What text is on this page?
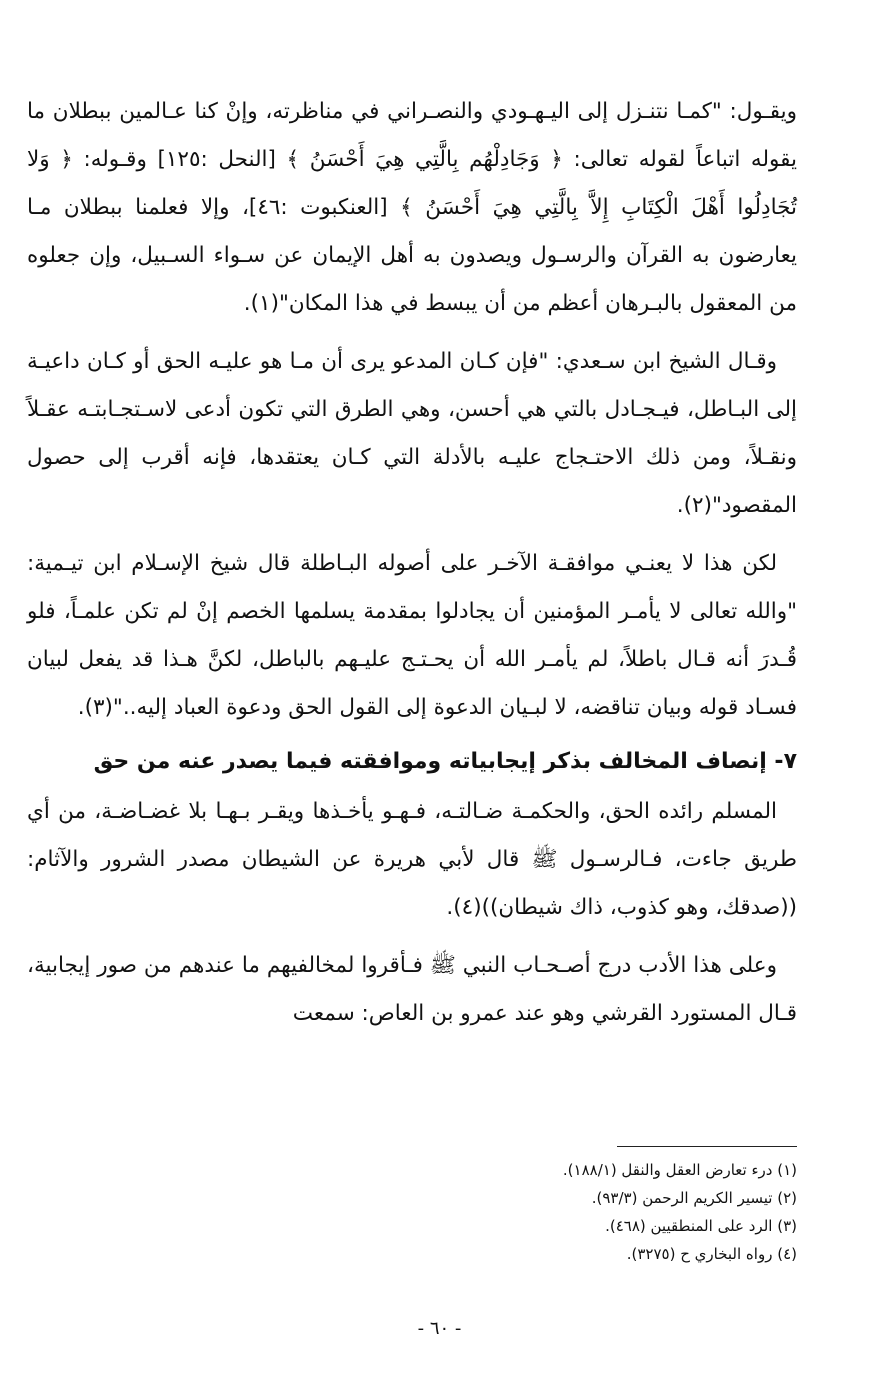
ويقـول: "كمـا نتنـزل إلى اليـهـودي والنصـراني في مناظرته، وإنْ كنا عـالمين ببطلان ما يقوله اتباعاً لقوله تعالى: ﴿ وَجَادِلْهُم بِالَّتِي هِيَ أَحْسَنُ ﴾ [النحل :١٢٥] وقـوله: ﴿ وَلا تُجَادِلُوا أَهْلَ الْكِتَابِ إِلاَّ بِالَّتِي هِيَ أَحْسَنُ ﴾ [العنكبوت :٤٦]، وإلا فعلمنا ببطلان مـا يعارضون به القرآن والرسـول ويصدون به أهل الإيمان عن سـواء السـبيل، وإن جعلوه من المعقول بالبـرهان أعظم من أن يبسط في هذا المكان"(١).

وقـال الشيخ ابن سـعدي: "فإن كـان المدعو يرى أن مـا هو عليـه الحق أو كـان داعيـة إلى البـاطل، فيـجـادل بالتي هي أحسن، وهي الطرق التي تكون أدعى لاسـتجـابتـه عقـلاً ونقـلاً، ومن ذلك الاحتـجاج عليـه بالأدلة التي كـان يعتقدها، فإنه أقرب إلى حصول المقصود"(٢).

لكن هذا لا يعنـي موافقـة الآخـر على أصوله البـاطلة قال شيخ الإسـلام ابن تيـمية: "والله تعالى لا يأمـر المؤمنين أن يجادلوا بمقدمة يسلمها الخصم إنْ لم تكن علمـاً، فلو قُـدرَ أنه قـال باطلاً، لم يأمـر الله أن يحـتـج عليـهم بالباطل، لكنَّ هـذا قد يفعل لبيان فسـاد قوله وبيان تناقضه، لا لبـيان الدعوة إلى القول الحق ودعوة العباد إليه.."(٣).

٧- إنصاف المخالف بذكر إيجابياته وموافقته فيما يصدر عنه من حق

المسلم رائده الحق، والحكمـة ضـالتـه، فـهـو يأخـذها ويقـر بـهـا بلا غضـاضـة، من أي طريق جاءت، فـالرسـول ﷺ قال لأبي هريرة عن الشيطان مصدر الشرور والآثام: ((صدقك، وهو كذوب، ذاك شيطان))(٤).

وعلى هذا الأدب درج أصـحـاب النبي ﷺ فـأقروا لمخالفيهم ما عندهم من صور إيجابية، قـال المستورد القرشي وهو عند عمرو بن العاص: سمعت

(١) درء تعارض العقل والنقل (١٨٨/١).

(٢) تيسير الكريم الرحمن (٩٣/٣).

(٣) الرد على المنطقيين (٤٦٨).

(٤) رواه البخاري ح (٣٢٧٥).

- ٦٠ -
